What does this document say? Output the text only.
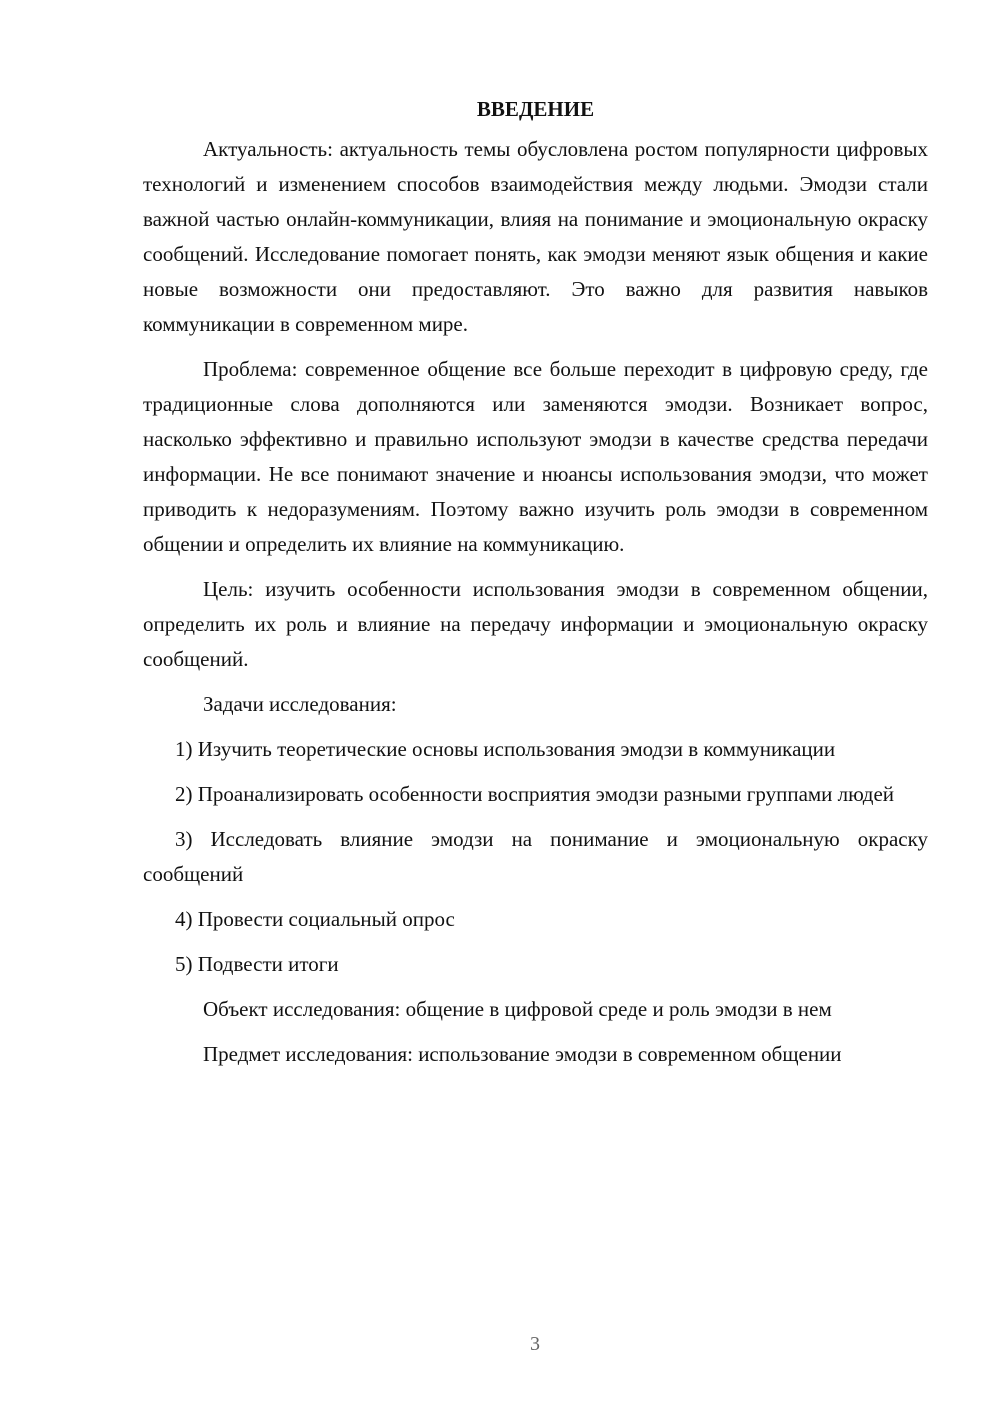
ВВЕДЕНИЕ

Актуальность: актуальность темы обусловлена ростом популярности цифровых технологий и изменением способов взаимодействия между людьми. Эмодзи стали важной частью онлайн-коммуникации, влияя на понимание и эмоциональную окраску сообщений. Исследование помогает понять, как эмодзи меняют язык общения и какие новые возможности они предоставляют. Это важно для развития навыков коммуникации в современном мире.

Проблема: современное общение все больше переходит в цифровую среду, где традиционные слова дополняются или заменяются эмодзи. Возникает вопрос, насколько эффективно и правильно используют эмодзи в качестве средства передачи информации. Не все понимают значение и нюансы использования эмодзи, что может приводить к недоразумениям. Поэтому важно изучить роль эмодзи в современном общении и определить их влияние на коммуникацию.

Цель: изучить особенности использования эмодзи в современном общении, определить их роль и влияние на передачу информации и эмоциональную окраску сообщений.

Задачи исследования:

1) Изучить теоретические основы использования эмодзи в коммуникации

2) Проанализировать особенности восприятия эмодзи разными группами людей

3) Исследовать влияние эмодзи на понимание и эмоциональную окраску сообщений

4) Провести социальный опрос

5) Подвести итоги

Объект исследования: общение в цифровой среде и роль эмодзи в нем

Предмет исследования: использование эмодзи в современном общении

3
